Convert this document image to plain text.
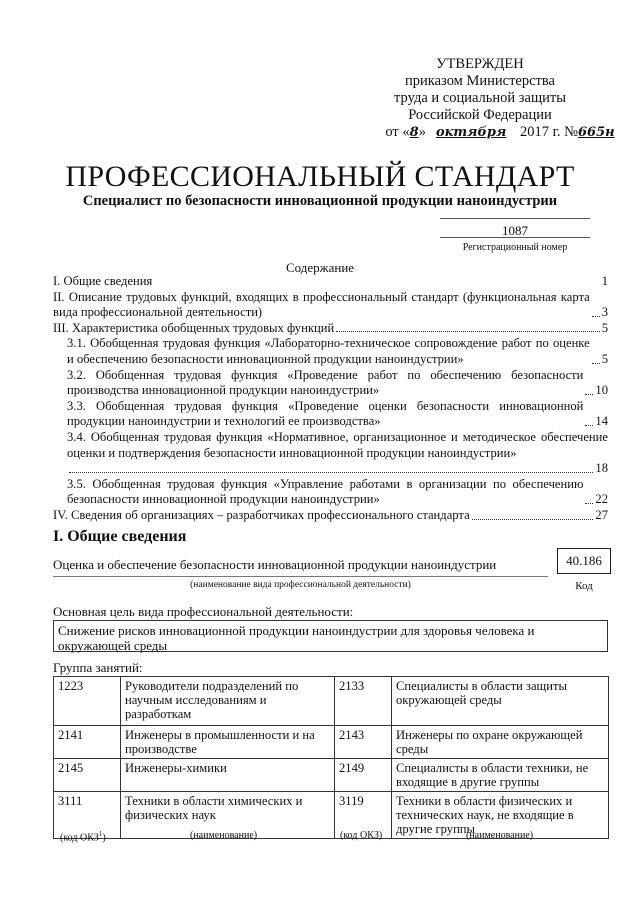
УТВЕРЖДЕН
приказом Министерства
труда и социальной защиты
Российской Федерации
от «8» октября 2017 г. №665н
ПРОФЕССИОНАЛЬНЫЙ СТАНДАРТ
Специалист по безопасности инновационной продукции наноиндустрии
1087
Регистрационный номер
Содержание
I. Общие сведения	1
II. Описание трудовых функций, входящих в профессиональный стандарт (функциональная карта вида профессиональной деятельности)	3
III. Характеристика обобщенных трудовых функций	5
3.1. Обобщенная трудовая функция «Лабораторно-техническое сопровождение работ по оценке и обеспечению безопасности инновационной продукции наноиндустрии»	5
3.2. Обобщенная трудовая функция «Проведение работ по обеспечению безопасности производства инновационной продукции наноиндустрии»	10
3.3. Обобщенная трудовая функция «Проведение оценки безопасности инновационной продукции наноиндустрии и технологий ее производства»	14
3.4. Обобщенная трудовая функция «Нормативное, организационное и методическое обеспечение оценки и подтверждения безопасности инновационной продукции наноиндустрии»
18
3.5. Обобщенная трудовая функция «Управление работами в организации по обеспечению безопасности инновационной продукции наноиндустрии»	22
IV. Сведения об организациях – разработчиках профессионального стандарта	27
I. Общие сведения
Оценка и обеспечение безопасности инновационной продукции наноиндустрии
(наименование вида профессиональной деятельности)
40.186
Код
Основная цель вида профессиональной деятельности:
Снижение рисков инновационной продукции наноиндустрии для здоровья человека и окружающей среды
Группа занятий:
1223	Руководители подразделений по научным исследованиям и разработкам	2133	Специалисты в области защиты окружающей среды
2141	Инженеры в промышленности и на производстве	2143	Инженеры по охране окружающей среды
2145	Инженеры-химики	2149	Специалисты в области техники, не входящие в другие группы
3111	Техники в области химических и физических наук	3119	Техники в области физических и технических наук, не входящие в другие группы
(код ОКЗ$^1$)	(наименование)	(код ОКЗ)	(наименование)
